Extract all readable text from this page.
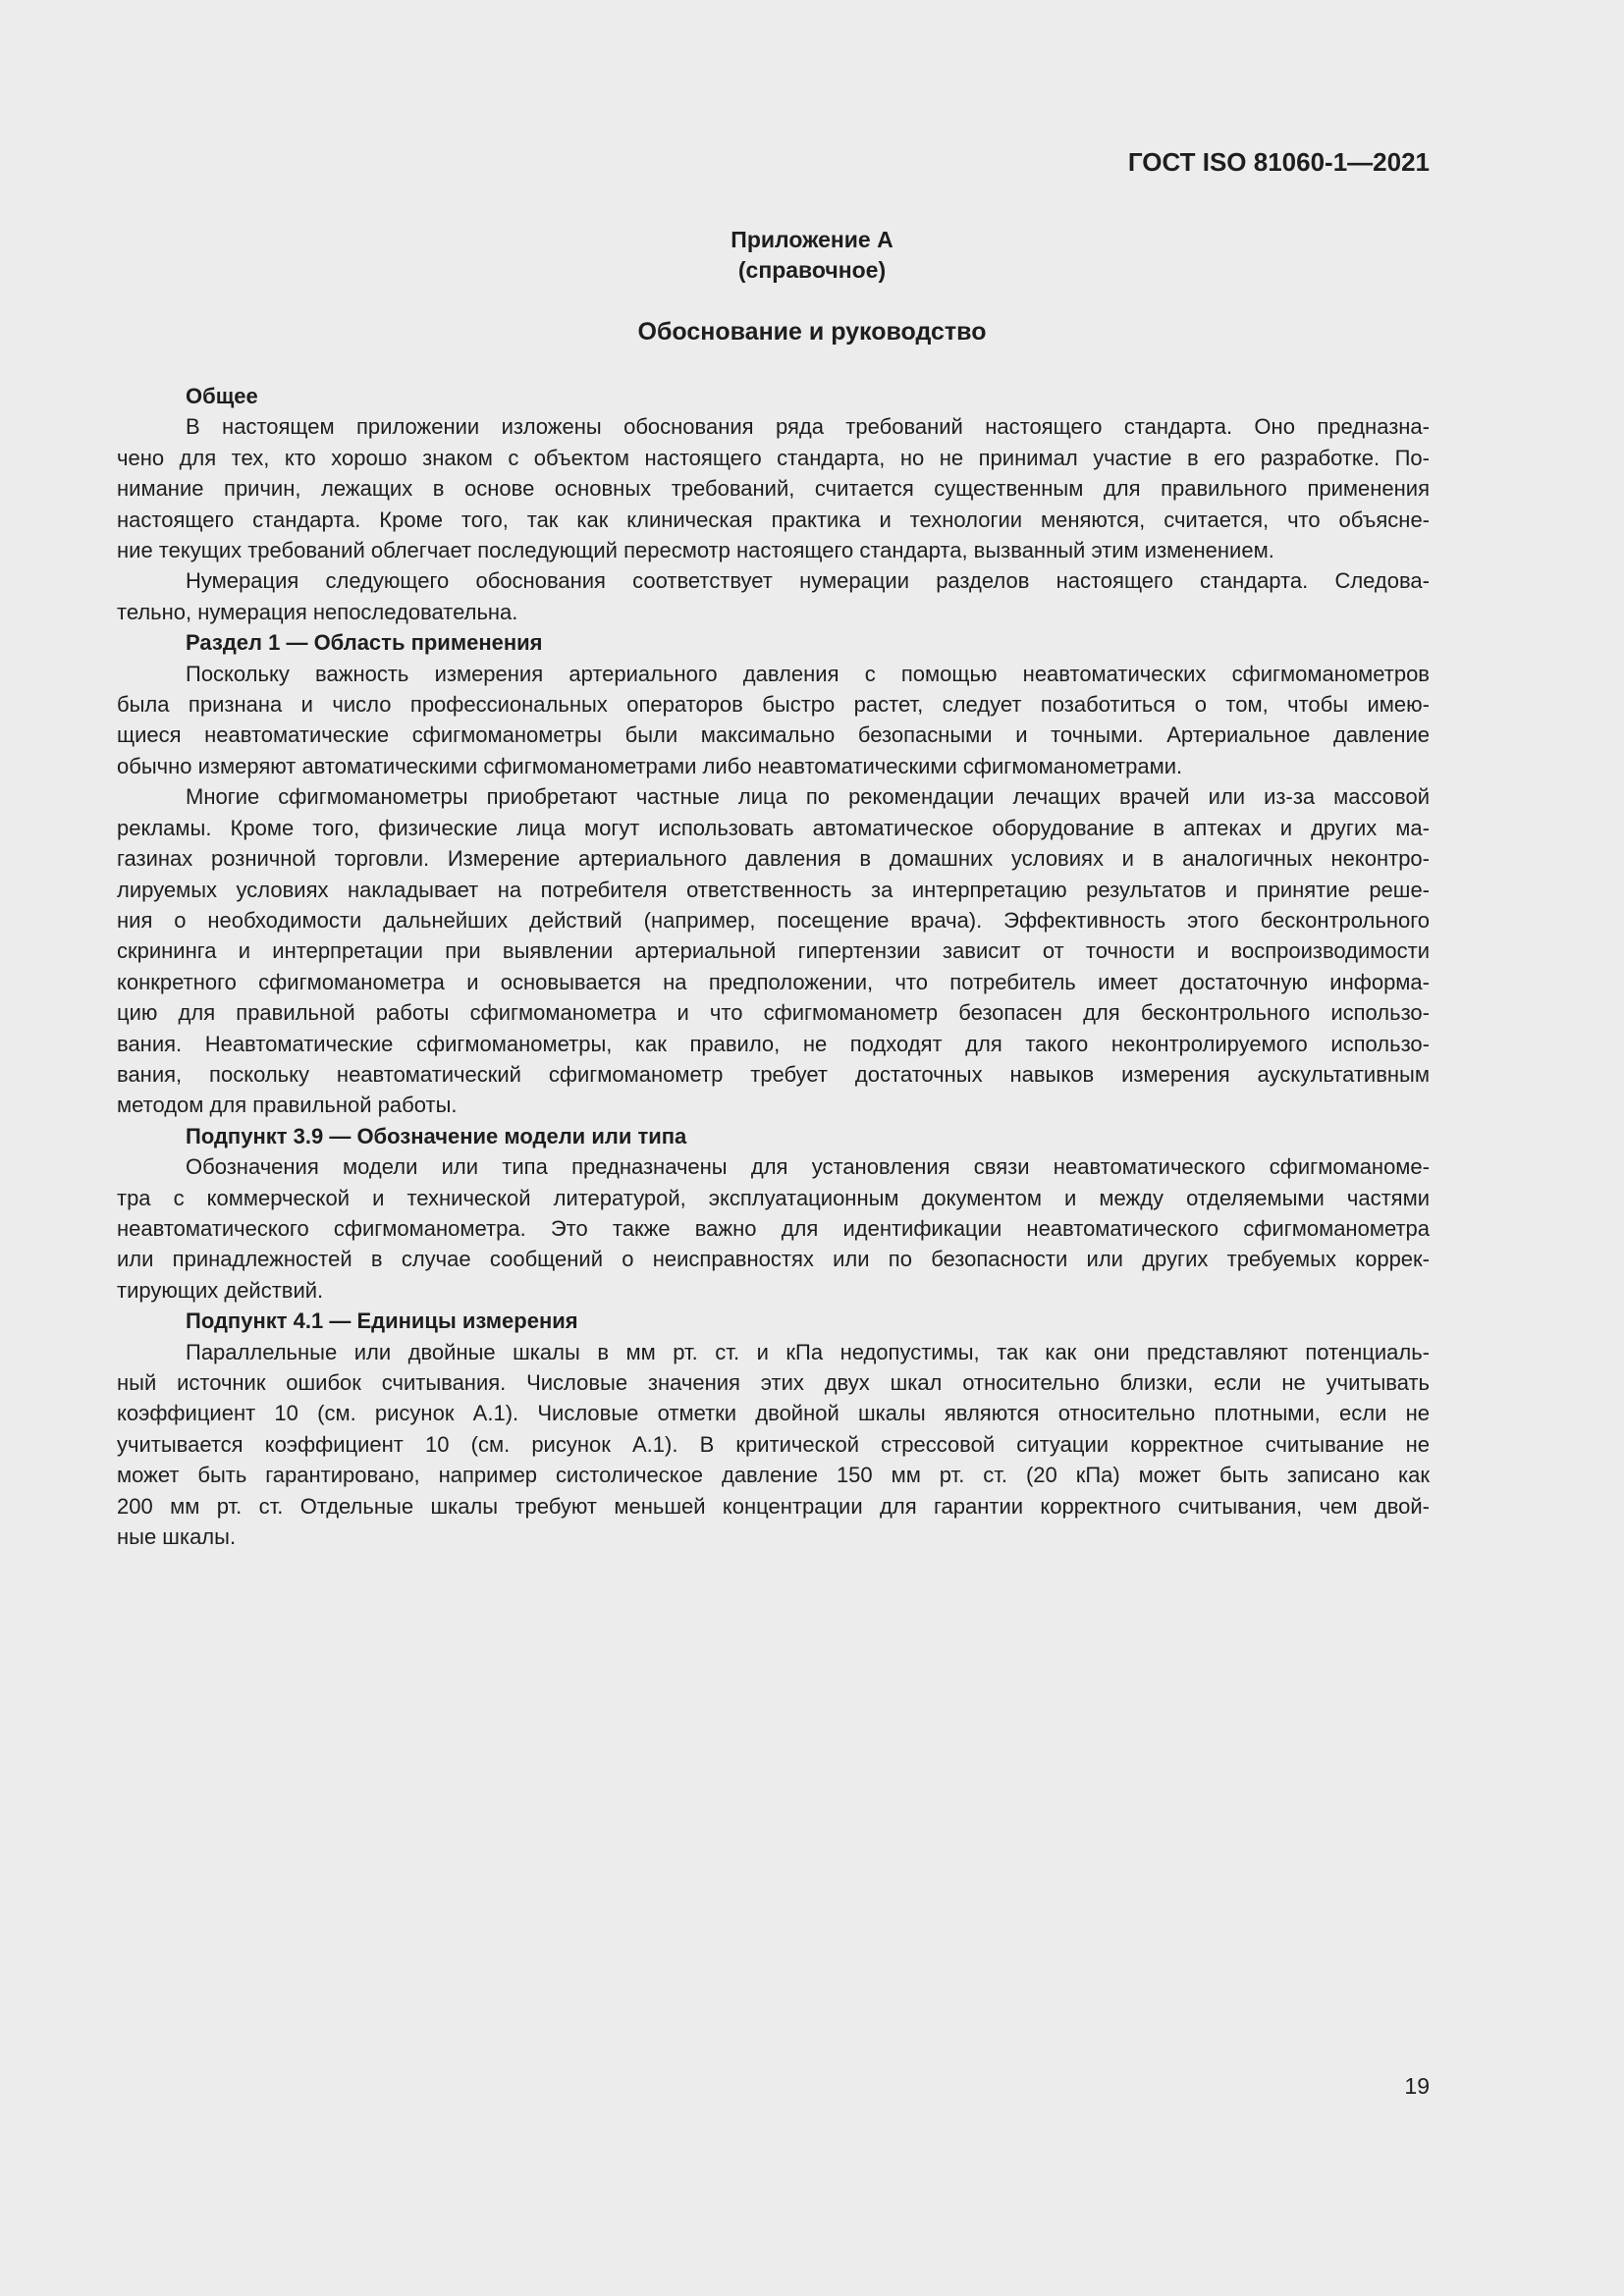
ГОСТ ISO 81060-1—2021
Приложение А
(справочное)
Обоснование и руководство
Общее
В настоящем приложении изложены обоснования ряда требований настоящего стандарта. Оно предназна-
чено для тех, кто хорошо знаком с объектом настоящего стандарта, но не принимал участие в его разработке. По-
нимание причин, лежащих в основе основных требований, считается существенным для правильного применения
настоящего стандарта. Кроме того, так как клиническая практика и технологии меняются, считается, что объясне-
ние текущих требований облегчает последующий пересмотр настоящего стандарта, вызванный этим изменением.
Нумерация следующего обоснования соответствует нумерации разделов настоящего стандарта. Следова-
тельно, нумерация непоследовательна.
Раздел 1 — Область применения
Поскольку важность измерения артериального давления с помощью неавтоматических сфигмоманометров
была признана и число профессиональных операторов быстро растет, следует позаботиться о том, чтобы имею-
щиеся неавтоматические сфигмоманометры были максимально безопасными и точными. Артериальное давление
обычно измеряют автоматическими сфигмоманометрами либо неавтоматическими сфигмоманометрами.
Многие сфигмоманометры приобретают частные лица по рекомендации лечащих врачей или из-за массовой
рекламы. Кроме того, физические лица могут использовать автоматическое оборудование в аптеках и других ма-
газинах розничной торговли. Измерение артериального давления в домашних условиях и в аналогичных неконтро-
лируемых условиях накладывает на потребителя ответственность за интерпретацию результатов и принятие реше-
ния о необходимости дальнейших действий (например, посещение врача). Эффективность этого бесконтрольного
скрининга и интерпретации при выявлении артериальной гипертензии зависит от точности и воспроизводимости
конкретного сфигмоманометра и основывается на предположении, что потребитель имеет достаточную информа-
цию для правильной работы сфигмоманометра и что сфигмоманометр безопасен для бесконтрольного использо-
вания. Неавтоматические сфигмоманометры, как правило, не подходят для такого неконтролируемого использо-
вания, поскольку неавтоматический сфигмоманометр требует достаточных навыков измерения аускультативным
методом для правильной работы.
Подпункт 3.9 — Обозначение модели или типа
Обозначения модели или типа предназначены для установления связи неавтоматического сфигмоманоме-
тра с коммерческой и технической литературой, эксплуатационным документом и между отделяемыми частями
неавтоматического сфигмоманометра. Это также важно для идентификации неавтоматического сфигмоманометра
или принадлежностей в случае сообщений о неисправностях или по безопасности или других требуемых коррек-
тирующих действий.
Подпункт 4.1 — Единицы измерения
Параллельные или двойные шкалы в мм рт. ст. и кПа недопустимы, так как они представляют потенциаль-
ный источник ошибок считывания. Числовые значения этих двух шкал относительно близки, если не учитывать
коэффициент 10 (см. рисунок А.1). Числовые отметки двойной шкалы являются относительно плотными, если не
учитывается коэффициент 10 (см. рисунок А.1). В критической стрессовой ситуации корректное считывание не
может быть гарантировано, например систолическое давление 150 мм рт. ст. (20 кПа) может быть записано как
200 мм рт. ст. Отдельные шкалы требуют меньшей концентрации для гарантии корректного считывания, чем двой-
ные шкалы.
19
